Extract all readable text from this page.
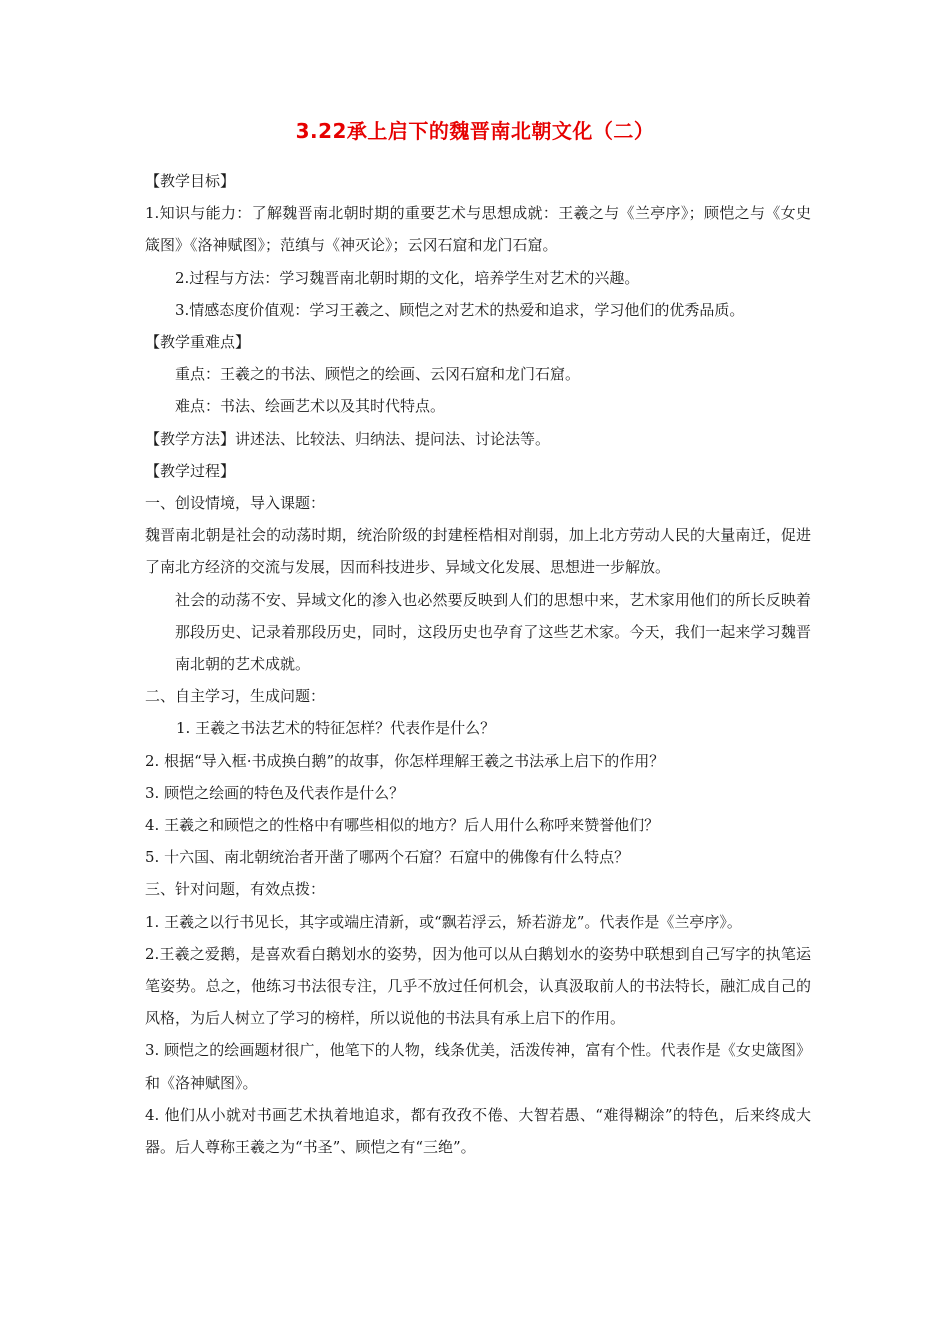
3.22承上启下的魏晋南北朝文化（二）

【教学目标】

1.知识与能力：了解魏晋南北朝时期的重要艺术与思想成就：王羲之与《兰亭序》；顾恺之与《女史箴图》《洛神赋图》；范缜与《神灭论》；云冈石窟和龙门石窟。

2.过程与方法：学习魏晋南北朝时期的文化，培养学生对艺术的兴趣。

3.情感态度价值观：学习王羲之、顾恺之对艺术的热爱和追求，学习他们的优秀品质。

【教学重难点】

重点：王羲之的书法、顾恺之的绘画、云冈石窟和龙门石窟。

难点：书法、绘画艺术以及其时代特点。

【教学方法】讲述法、比较法、归纳法、提问法、讨论法等。

【教学过程】

一、创设情境，导入课题：

魏晋南北朝是社会的动荡时期，统治阶级的封建桎梏相对削弱，加上北方劳动人民的大量南迁，促进了南北方经济的交流与发展，因而科技进步、异域文化发展、思想进一步解放。

社会的动荡不安、异域文化的渗入也必然要反映到人们的思想中来，艺术家用他们的所长反映着那段历史、记录着那段历史，同时，这段历史也孕育了这些艺术家。今天，我们一起来学习魏晋南北朝的艺术成就。

二、自主学习，生成问题：

1. 王羲之书法艺术的特征怎样？代表作是什么？

2. 根据“导入框·书成换白鹅”的故事，你怎样理解王羲之书法承上启下的作用？

3. 顾恺之绘画的特色及代表作是什么？

4. 王羲之和顾恺之的性格中有哪些相似的地方？后人用什么称呼来赞誉他们？

5. 十六国、南北朝统治者开凿了哪两个石窟？石窟中的佛像有什么特点？

三、针对问题，有效点拨：

1. 王羲之以行书见长，其字或端庄清新，或“飘若浮云，矫若游龙”。代表作是《兰亭序》。

2.王羲之爱鹅，是喜欢看白鹅划水的姿势，因为他可以从白鹅划水的姿势中联想到自己写字的执笔运笔姿势。总之，他练习书法很专注，几乎不放过任何机会，认真汲取前人的书法特长，融汇成自己的风格，为后人树立了学习的榜样，所以说他的书法具有承上启下的作用。

3. 顾恺之的绘画题材很广，他笔下的人物，线条优美，活泼传神，富有个性。代表作是《女史箴图》和《洛神赋图》。

4. 他们从小就对书画艺术执着地追求，都有孜孜不倦、大智若愚、“难得糊涂”的特色，后来终成大器。后人尊称王羲之为“书圣”、顾恺之有“三绝”。
